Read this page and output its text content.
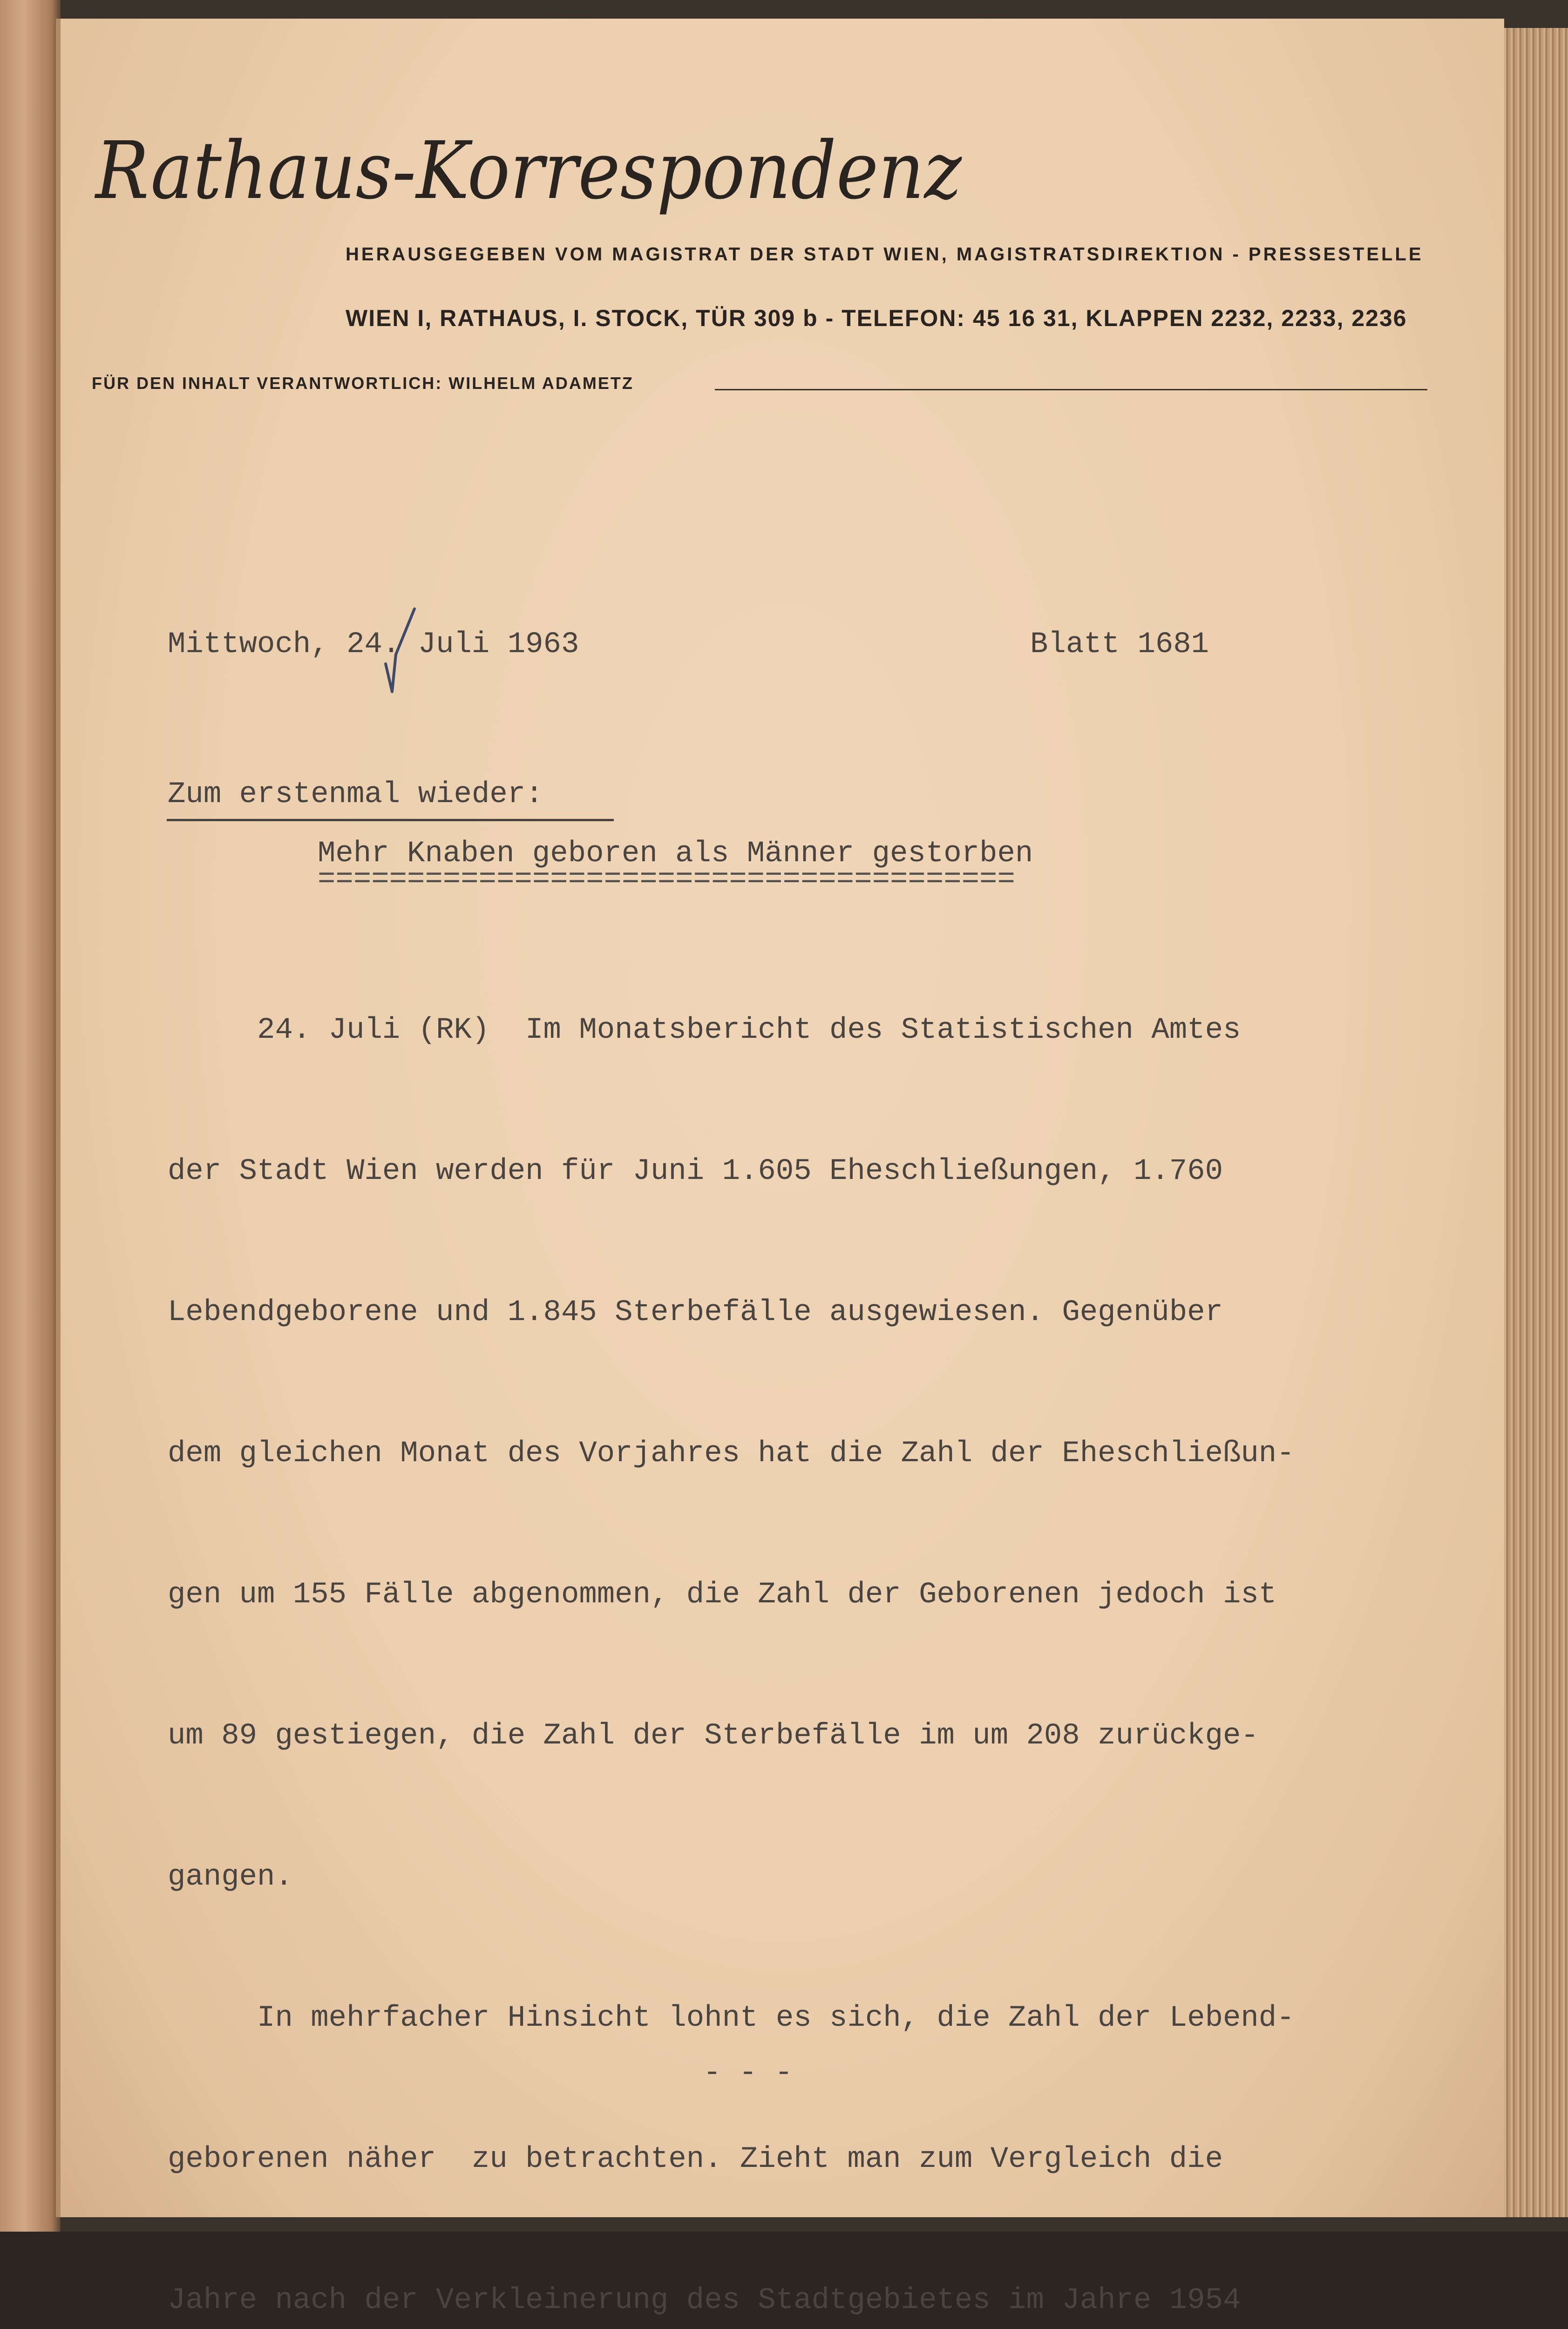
Rathaus-Korrespondenz
HERAUSGEGEBEN VOM MAGISTRAT DER STADT WIEN, MAGISTRATSDIREKTION - PRESSESTELLE
WIEN I, RATHAUS, I. STOCK, TÜR 309 b - TELEFON: 45 16 31, KLAPPEN 2232, 2233, 2236
FÜR DEN INHALT VERANTWORTLICH: WILHELM ADAMETZ
Mittwoch, 24. Juli 1963	Blatt 1681
Zum erstenmal wieder:
Mehr Knaben geboren als Männer gestorben
=======================================

24. Juli (RK)  Im Monatsbericht des Statistischen Amtes

der Stadt Wien werden für Juni 1.605 Eheschließungen, 1.760

Lebendgeborene und 1.845 Sterbefälle ausgewiesen. Gegenüber

dem gleichen Monat des Vorjahres hat die Zahl der Eheschließun-

gen um 155 Fälle abgenommen, die Zahl der Geborenen jedoch ist

um 89 gestiegen, die Zahl der Sterbefälle im um 208 zurückge-

gangen.

In mehrfacher Hinsicht lohnt es sich, die Zahl der Lebend-

geborenen näher  zu betrachten. Zieht man zum Vergleich die

Jahre nach der Verkleinerung des Stadtgebietes im Jahre 1954

- - -
